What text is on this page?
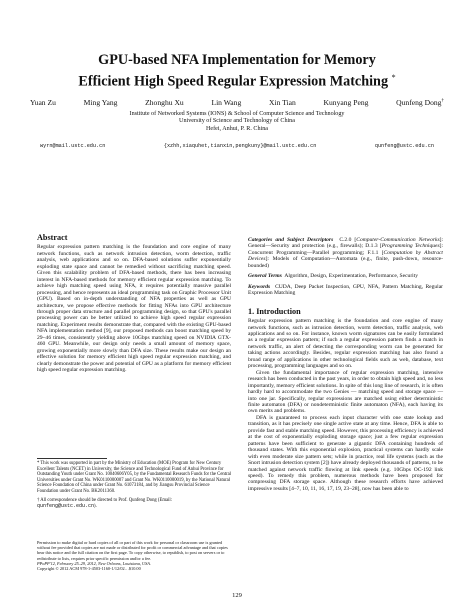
GPU-based NFA Implementation for Memory
Efficient High Speed Regular Expression Matching *
Yuan Zu	Ming Yang	Zhonghu Xu	Lin Wang	Xin Tian	Kunyang Peng	Qunfeng Dong†
Institute of Networked Systems (IONS) & School of Computer Science and Technology
University of Science and Technology of China
Hefei, Anhui, P. R. China
wyrn@mail.ustc.edu.cn	{xzhh,xiaquhet,tianxin,pengkuny}@mail.ustc.edu.cn	qunfeng@ustc.edu.cn
Abstract

Regular expression pattern matching is the foundation and core engine of many network functions, such as network intrusion detection, worm detection, traffic analysis, web applications and so on. DFA-based solutions suffer exponentially exploding state space and cannot be remedied without sacrificing matching speed. Given this scalability problem of DFA-based methods, there has been increasing interest in NFA-based methods for memory efficient regular expression matching. To achieve high matching speed using NFA, it requires potentially massive parallel processing, and hence represents an ideal programming task on Graphic Processor Unit (GPU). Based on in-depth understanding of NFA properties as well as GPU architecture, we propose effective methods for fitting NFAs into GPU architecture through proper data structure and parallel programming design, so that GPU's parallel processing power can be better utilized to achieve high speed regular expression matching. Experiment results demonstrate that, compared with the existing GPU-based NFA implementation method [9], our proposed methods can boost matching speed by 29~46 times, consistently yielding above 10Gbps matching speed on NVIDIA GTX-460 GPU. Meanwhile, our design only needs a small amount of memory space, growing exponentially more slowly than DFA size. These results make our design an effective solution for memory efficient high speed regular expression matching, and clearly demonstrate the power and potential of GPU as a platform for memory efficient high speed regular expression matching.

* This work was supported in part by the Ministry of Education (MOE) Program for New Century Excellent Talents (NCET) in University, the Science and Technological Fund of Anhui Province for Outstanding Youth under Grant No. 10040606Y05, by the Fundamental Research Funds for the Central Universities under Grant No. WK0110000007 and Grant No. WK0110000019, by the National Natural Science Foundation of China under Grant No. 61073184, and by Jiangsu Provincial Science Foundation under Grant No. BK2011360.

† All correspondence should be directed to Prof. Qunfeng Dong (Email: qunfeng@ustc.edu.cn).

Permission to make digital or hard copies of all or part of this work for personal or classroom use is granted without fee provided that copies are not made or distributed for profit or commercial advantage and that copies bear this notice and the full citation on the first page. To copy otherwise, to republish, to post on servers or to redistribute to lists, requires prior specific permission and/or a fee.

PPoPP'12, February 25–29, 2012, New Orleans, Louisiana, USA.

Copyright © 2012 ACM 978-1-4503-1160-1/12/02…$10.00

Categories and Subject Descriptors C.2.0 [Computer-Communication Networks]: General—Security and protection (e.g., firewalls); D.1.3 [Programming Techniques]: Concurrent Programming—Parallel programming; F.1.1 [Computation by Abstract Devices]: Models of Computation—Automata (e.g., finite, push-down, resource-bounded)

General Terms Algorithm, Design, Experimentation, Performance, Security

Keywords CUDA, Deep Packet Inspection, GPU, NFA, Pattern Matching, Regular Expression Matching

1. Introduction

Regular expression pattern matching is the foundation and core engine of many network functions, such as intrusion detection, worm detection, traffic analysis, web applications and so on. For instance, known worm signatures can be easily formulated as a regular expression pattern; if such a regular expression pattern finds a match in network traffic, an alert of detecting the corresponding worm can be generated for taking actions accordingly. Besides, regular expression matching has also found a broad range of applications in other technological fields such as web, database, text processing, programming languages and so on.

Given the fundamental importance of regular expression matching, intensive research has been conducted in the past years, in order to obtain high speed and, no less importantly, memory efficient solutions. In spite of this long line of research, it is often hardly hard to accommodate the two Genies — matching speed and storage space — into one jar. Specifically, regular expressions are matched using either deterministic finite automaton (DFA) or nondeterministic finite automaton (NFA), each having its own merits and problems.

DFA is guaranteed to process each input character with one state lookup and transition, as it has precisely one single active state at any time. Hence, DFA is able to provide fast and stable matching speed. However, this processing efficiency is achieved at the cost of exponentially exploding storage space; just a few regular expression patterns have been sufficient to generate a gigantic DFA containing hundreds of thousand states. With this exponential explosion, practical systems can hardly scale with even moderate size pattern sets; while in practice, real life systems (such as the Snort intrusion detection system [2]) have already deployed thousands of patterns, to be matched against network traffic flowing at link speeds (e.g. 10Gbps OC-192 link speed). To remedy this problem, numerous methods have been proposed for compressing DFA storage space. Although these research efforts have achieved impressive results [4–7, 10, 11, 16, 17, 19, 23–28], now has been able to

129
